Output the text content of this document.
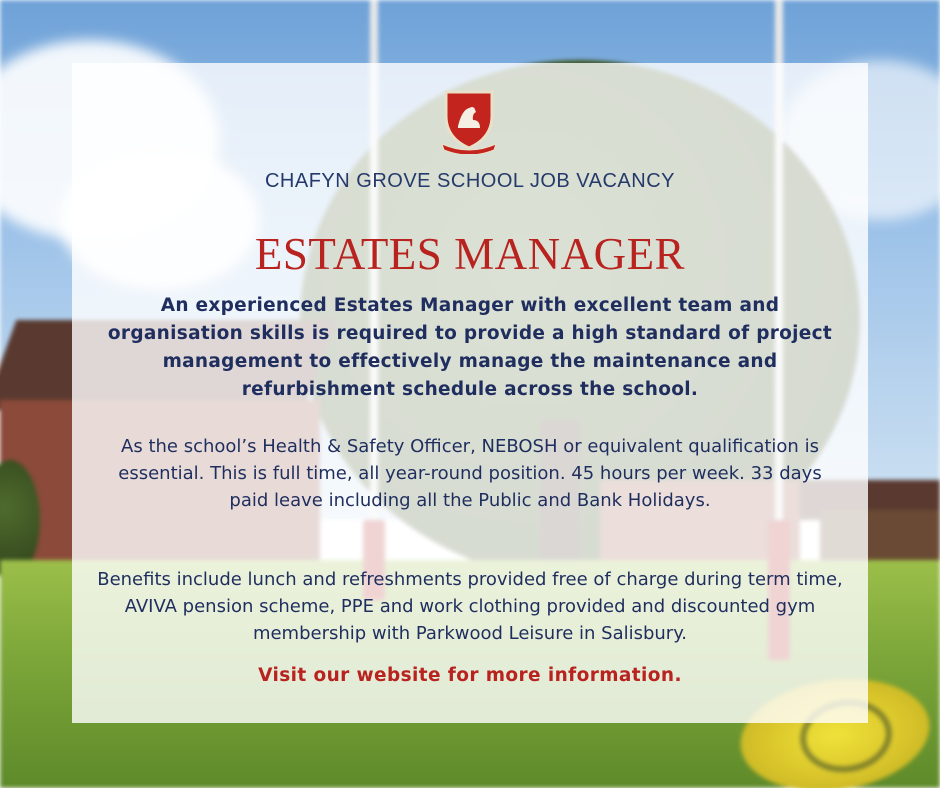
CHAFYN GROVE SCHOOL JOB VACANCY
ESTATES MANAGER
An experienced Estates Manager with excellent team and organisation skills is required to provide a high standard of project management to effectively manage the maintenance and refurbishment schedule across the school.
As the school’s Health & Safety Officer, NEBOSH or equivalent qualification is essential. This is full time, all year-round position. 45 hours per week. 33 days paid leave including all the Public and Bank Holidays.
Benefits include lunch and refreshments provided free of charge during term time, AVIVA pension scheme, PPE and work clothing provided and discounted gym membership with Parkwood Leisure in Salisbury.
Visit our website for more information.
